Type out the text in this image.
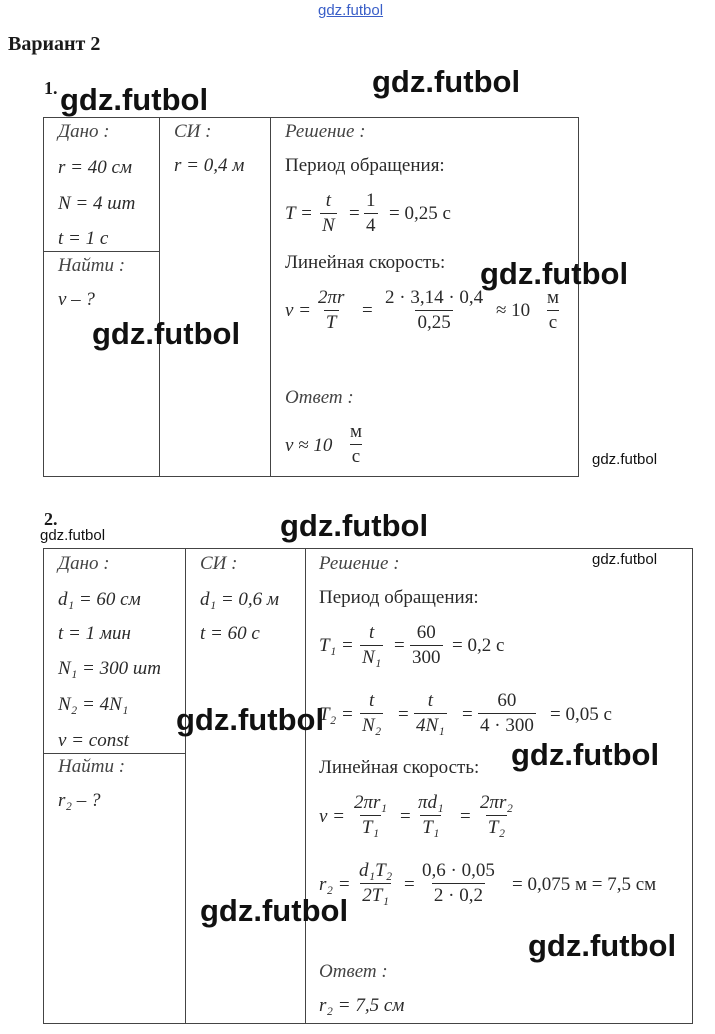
gdz.futbol
Вариант 2
1.
Дано :
r = 40 см
N = 4 шт
t = 1 с
Найти :
v – ?
СИ :
r = 0,4 м
Решение :
Период обращения:
$T = \frac{t}{N} = \frac{1}{4} = 0,25$ с
Линейная скорость:
$v = \frac{2\pi r}{T} = \frac{2 \cdot 3,14 \cdot 0,4}{0,25} \approx 10$
м
с
Ответ :
v ≈ 10
м
с
2.
Дано :
d₁ = 60 см
t = 1 мин
N₁ = 300 шт
N₂ = 4N₁
v = const
Найти :
r₂ – ?
СИ :
d₁ = 0,6 м
t = 60 с
Решение :
Период обращения:
$T_1 = \frac{t}{\text{N₁}} = \frac{60}{300} = 0,2$ с
$T_2 = \frac{t}{\text{N₂}} = \frac{t}{\text{4N₁}} = \frac{60}{4 \cdot 300} = 0,05$ с
Линейная скорость:
$v = \frac{\text{2πr₁}}{\text{T₁}} = \frac{\text{πd₁}}{\text{T₁}} = \frac{\text{2πr₂}}{\text{T₂}}$
$r_2 = \frac{\text{d₁T₂}}{\text{2T₁}} = \frac{0,6 \cdot 0,05}{2 \cdot 0,2} = 0,075$ м = 7,5 см
Ответ :
r₂ = 7,5 см
gdz.futbol
gdz.futbol
gdz.futbol
gdz.futbol
gdz.futbol
gdz.futbol
gdz.futbol
gdz.futbol
gdz.futbol
gdz.futbol
gdz.futbol
gdz.futbol
